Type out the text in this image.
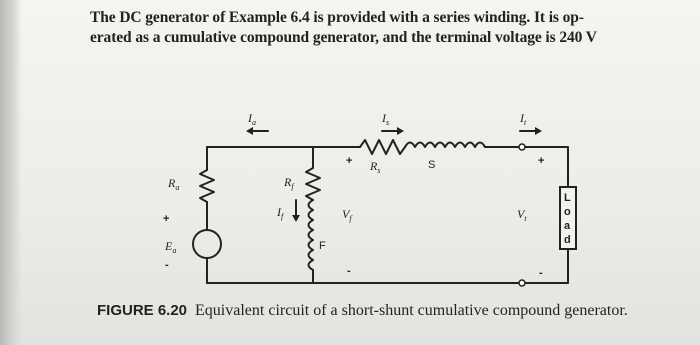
The DC generator of Example 6.4 is provided with a series winding. It is op-
erated as a cumulative compound generator, and the terminal voltage is 240 V
$I_a$	$I_s$	$I_t$
$I_f$
$R_a$	$R_f$
$R_s$	S
F
$V_f$	$V_t$
$E_a$
+
-
+
-
+
-
L
o
a
d
FIGURE 6.20 Equivalent circuit of a short-shunt cumulative compound generator.
